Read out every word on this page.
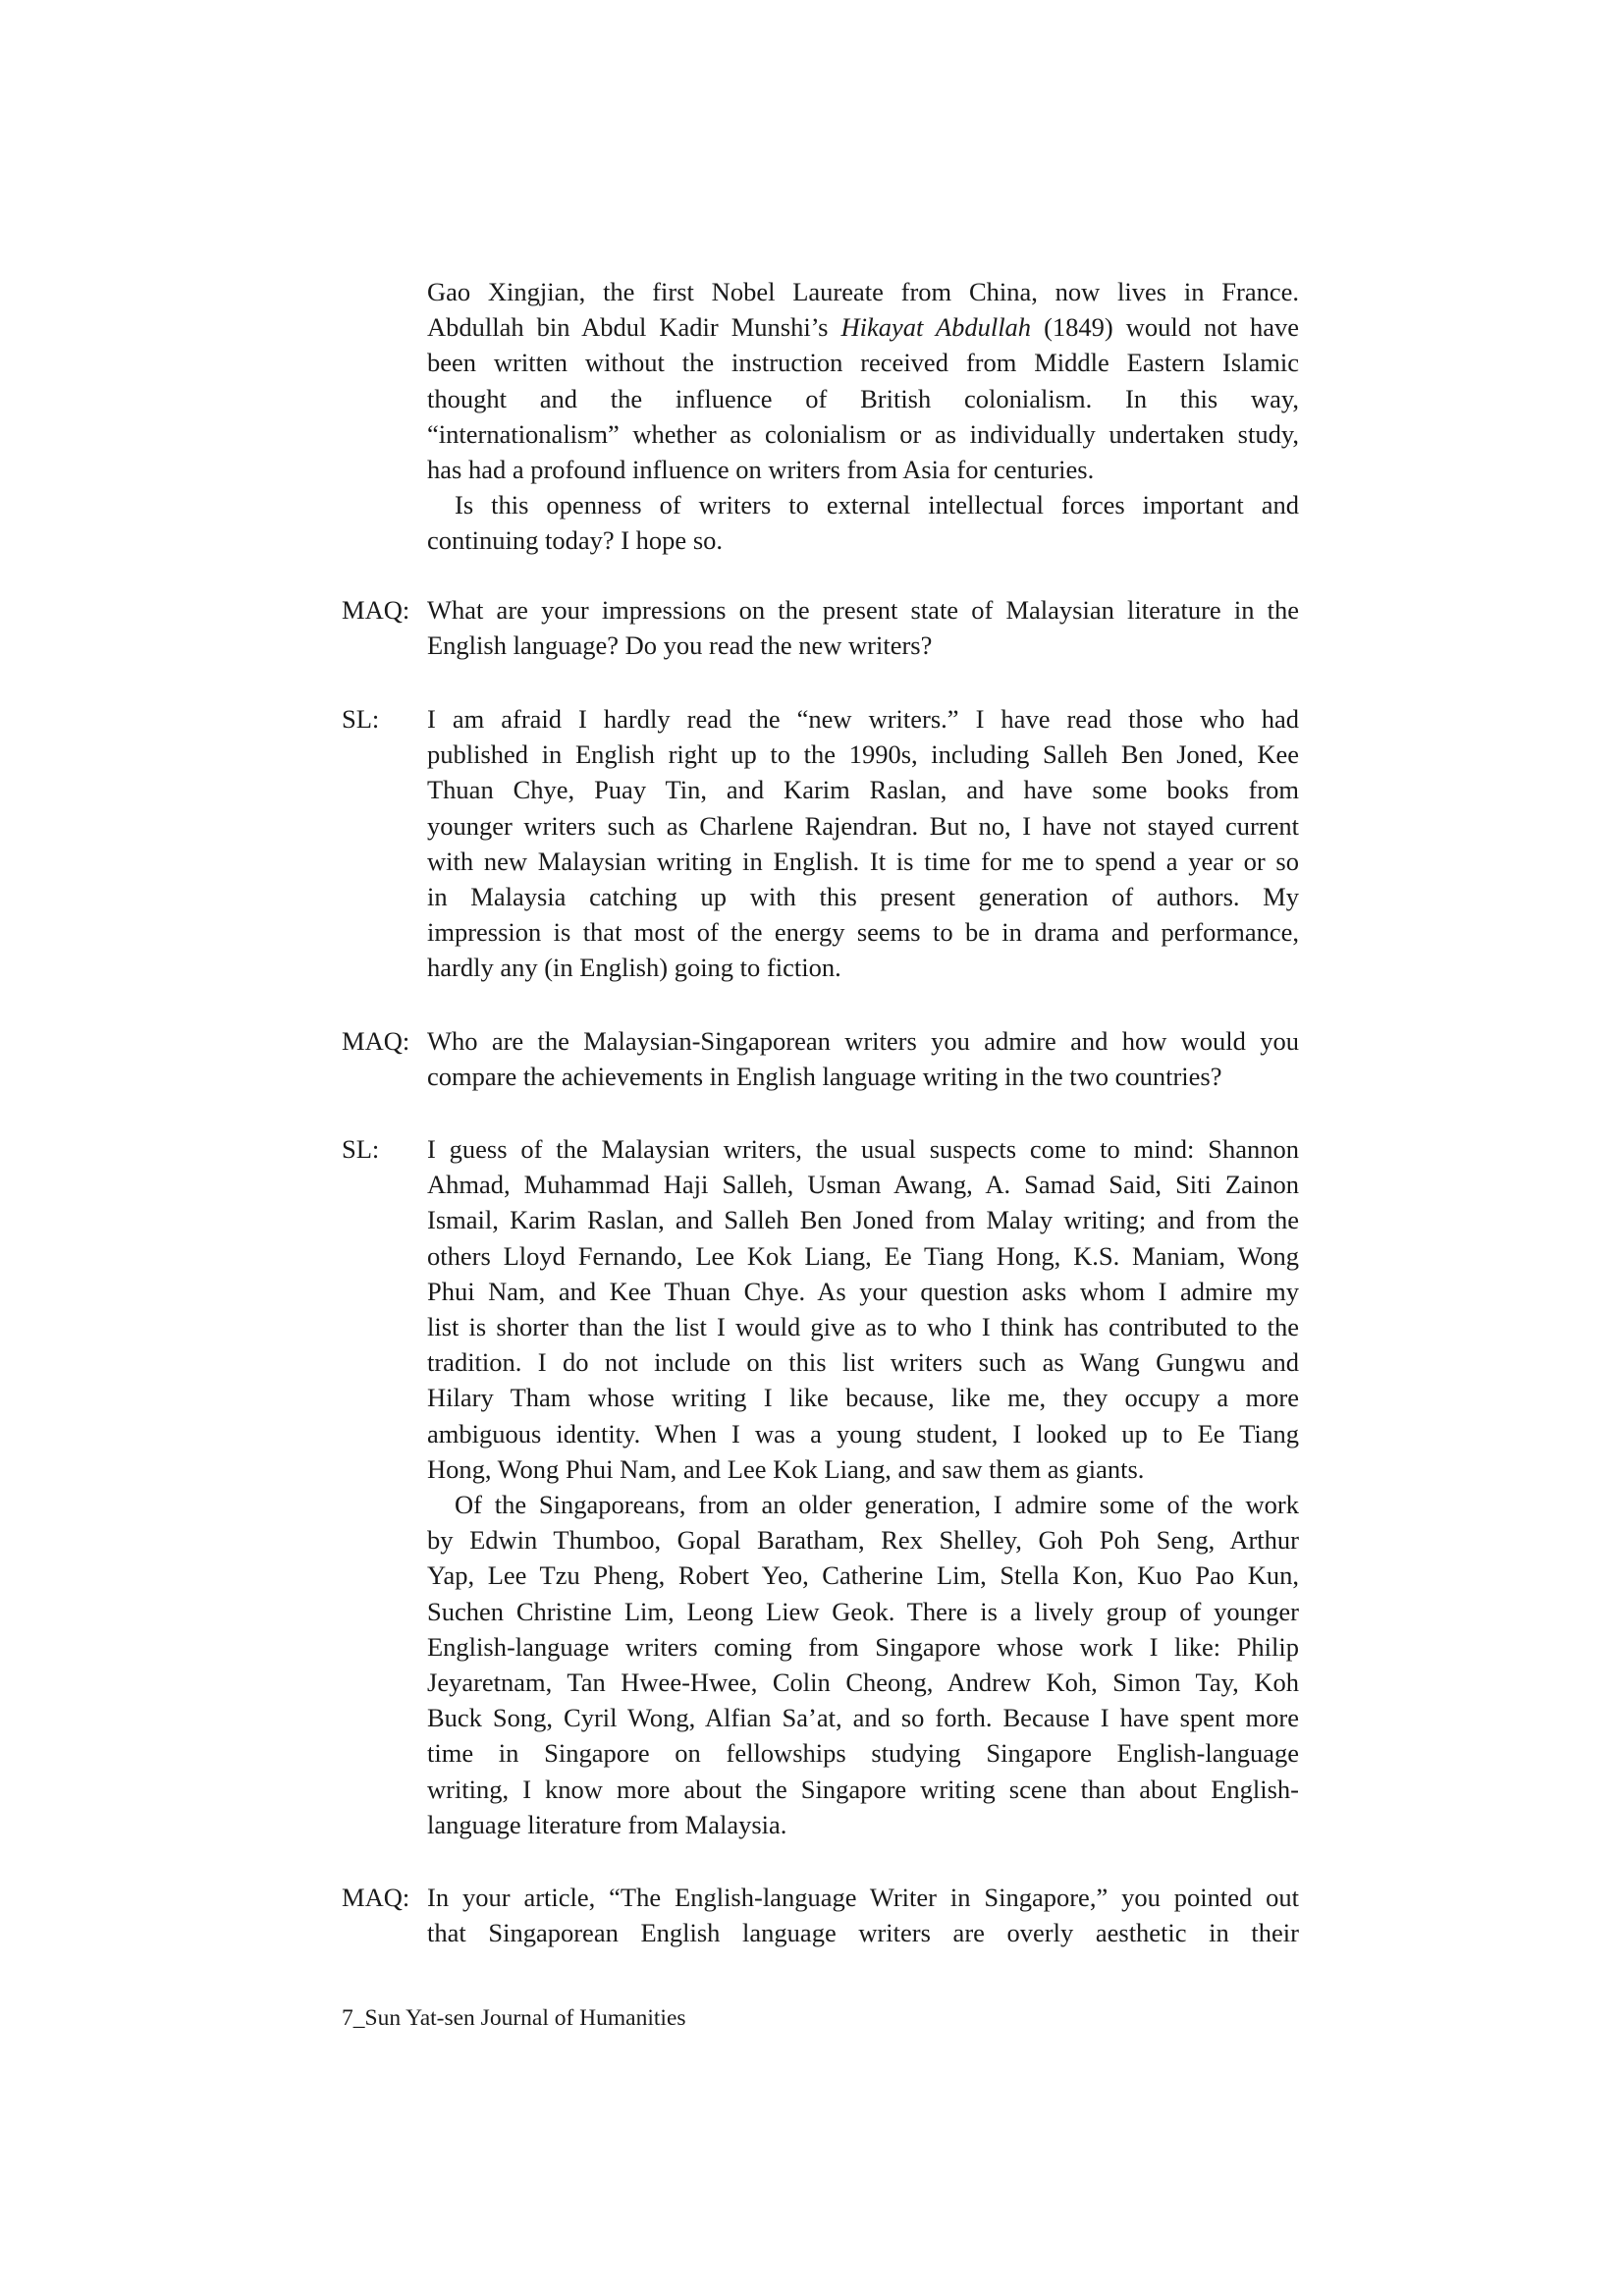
Gao Xingjian, the first Nobel Laureate from China, now lives in France.
Abdullah bin Abdul Kadir Munshi’s Hikayat Abdullah (1849) would not have
been written without the instruction received from Middle Eastern Islamic
thought and the influence of British colonialism. In this way,
“internationalism” whether as colonialism or as individually undertaken study,
has had a profound influence on writers from Asia for centuries.

Is this openness of writers to external intellectual forces important and
continuing today? I hope so.

MAQ: What are your impressions on the present state of Malaysian literature in the
English language? Do you read the new writers?

SL: I am afraid I hardly read the “new writers.” I have read those who had
published in English right up to the 1990s, including Salleh Ben Joned, Kee
Thuan Chye, Puay Tin, and Karim Raslan, and have some books from
younger writers such as Charlene Rajendran. But no, I have not stayed current
with new Malaysian writing in English. It is time for me to spend a year or so
in Malaysia catching up with this present generation of authors. My
impression is that most of the energy seems to be in drama and performance,
hardly any (in English) going to fiction.

MAQ: Who are the Malaysian-Singaporean writers you admire and how would you
compare the achievements in English language writing in the two countries?

SL: I guess of the Malaysian writers, the usual suspects come to mind: Shannon
Ahmad, Muhammad Haji Salleh, Usman Awang, A. Samad Said, Siti Zainon
Ismail, Karim Raslan, and Salleh Ben Joned from Malay writing; and from the
others Lloyd Fernando, Lee Kok Liang, Ee Tiang Hong, K.S. Maniam, Wong
Phui Nam, and Kee Thuan Chye. As your question asks whom I admire my
list is shorter than the list I would give as to who I think has contributed to the
tradition. I do not include on this list writers such as Wang Gungwu and
Hilary Tham whose writing I like because, like me, they occupy a more
ambiguous identity. When I was a young student, I looked up to Ee Tiang
Hong, Wong Phui Nam, and Lee Kok Liang, and saw them as giants.

Of the Singaporeans, from an older generation, I admire some of the work
by Edwin Thumboo, Gopal Baratham, Rex Shelley, Goh Poh Seng, Arthur
Yap, Lee Tzu Pheng, Robert Yeo, Catherine Lim, Stella Kon, Kuo Pao Kun,
Suchen Christine Lim, Leong Liew Geok. There is a lively group of younger
English-language writers coming from Singapore whose work I like: Philip
Jeyaretnam, Tan Hwee-Hwee, Colin Cheong, Andrew Koh, Simon Tay, Koh
Buck Song, Cyril Wong, Alfian Sa’at, and so forth. Because I have spent more
time in Singapore on fellowships studying Singapore English-language
writing, I know more about the Singapore writing scene than about English-
language literature from Malaysia.

MAQ: In your article, “The English-language Writer in Singapore,” you pointed out
that Singaporean English language writers are overly aesthetic in their

7_Sun Yat-sen Journal of Humanities
